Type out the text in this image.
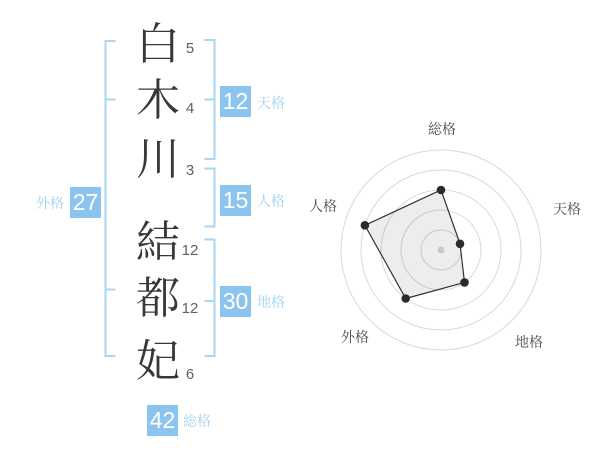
白
木
川
結
都
妃
5
4
3
12
12
6
12 天格
15 人格
30 地格
外格 27
42 総格
総格
天格
地格
外格
人格
